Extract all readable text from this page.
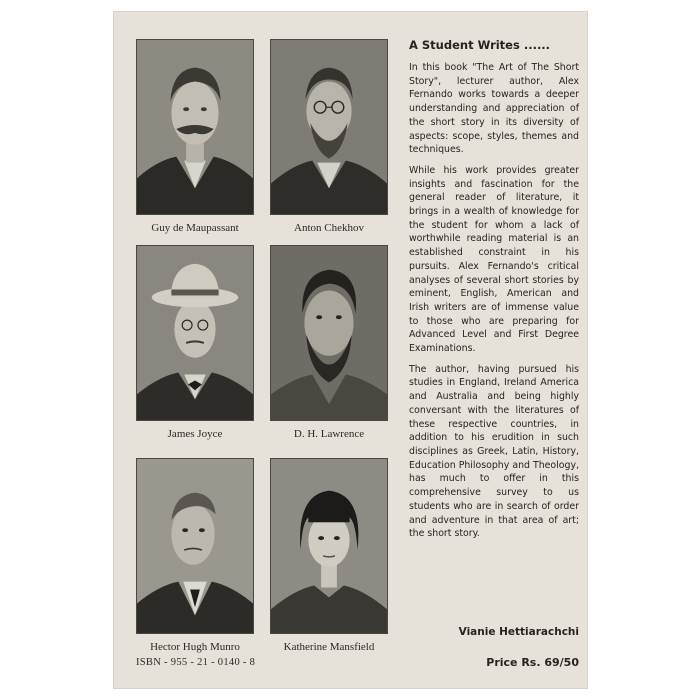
Guy de Maupassant	Anton Chekhov
James Joyce	D. H. Lawrence
Hector Hugh Munro	Katherine Mansfield
A Student Writes ......

In this book "The Art of The Short Story", lecturer author, Alex Fernando works towards a deeper understanding and appreciation of the short story in its diversity of aspects: scope, styles, themes and techniques.

While his work provides greater insights and fascination for the general reader of literature, it brings in a wealth of knowledge for the student for whom a lack of worthwhile reading material is an established constraint in his pursuits. Alex Fernando's critical analyses of several short stories by eminent, English, American and Irish writers are of immense value to those who are preparing for Advanced Level and First Degree Examinations.

The author, having pursued his studies in England, Ireland America and Australia and being highly conversant with the literatures of these respective countries, in addition to his erudition in such disciplines as Greek, Latin, History, Education Philosophy and Theology, has much to offer in this comprehensive survey to us students who are in search of order and adventure in that area of art; the short story.

Vianie Hettiarachchi
ISBN - 955 - 21 - 0140 - 8	Price Rs. 69/50
